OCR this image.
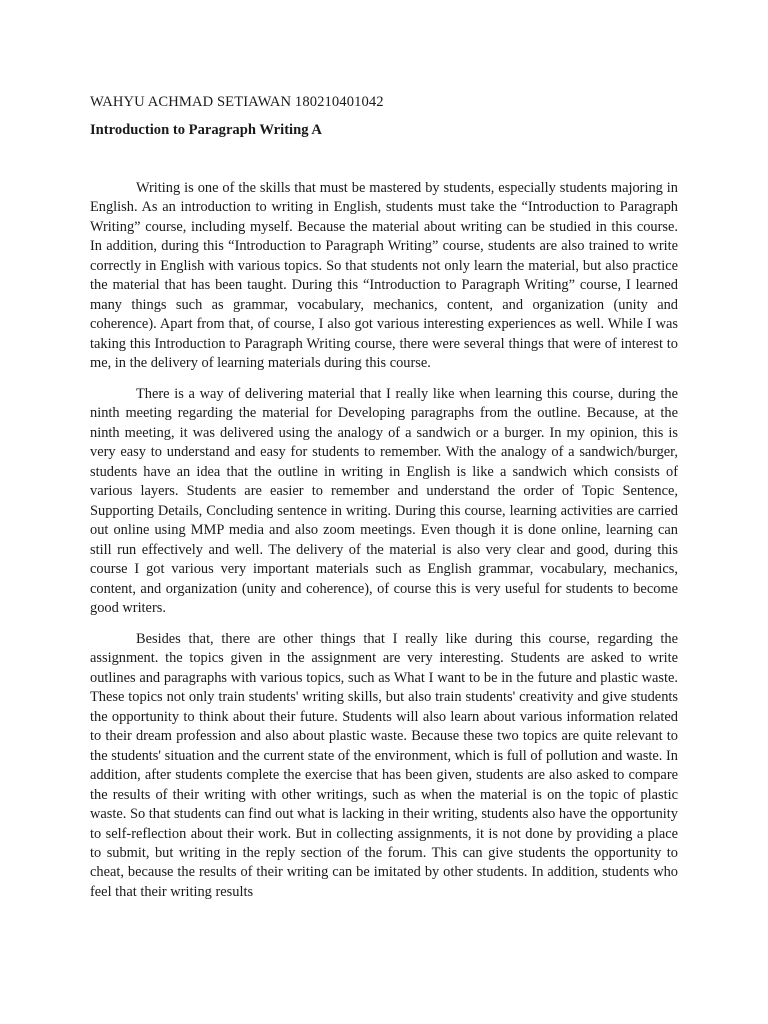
WAHYU ACHMAD SETIAWAN 180210401042
Introduction to Paragraph Writing A

Writing is one of the skills that must be mastered by students, especially students majoring in English. As an introduction to writing in English, students must take the “Introduction to Paragraph Writing” course, including myself. Because the material about writing can be studied in this course. In addition, during this “Introduction to Paragraph Writing” course, students are also trained to write correctly in English with various topics. So that students not only learn the material, but also practice the material that has been taught. During this “Introduction to Paragraph Writing” course, I learned many things such as grammar, vocabulary, mechanics, content, and organization (unity and coherence). Apart from that, of course, I also got various interesting experiences as well. While I was taking this Introduction to Paragraph Writing course, there were several things that were of interest to me, in the delivery of learning materials during this course.

There is a way of delivering material that I really like when learning this course, during the ninth meeting regarding the material for Developing paragraphs from the outline. Because, at the ninth meeting, it was delivered using the analogy of a sandwich or a burger. In my opinion, this is very easy to understand and easy for students to remember. With the analogy of a sandwich/burger, students have an idea that the outline in writing in English is like a sandwich which consists of various layers. Students are easier to remember and understand the order of Topic Sentence, Supporting Details, Concluding sentence in writing. During this course, learning activities are carried out online using MMP media and also zoom meetings. Even though it is done online, learning can still run effectively and well. The delivery of the material is also very clear and good, during this course I got various very important materials such as English grammar, vocabulary, mechanics, content, and organization (unity and coherence), of course this is very useful for students to become good writers.

Besides that, there are other things that I really like during this course, regarding the assignment. the topics given in the assignment are very interesting. Students are asked to write outlines and paragraphs with various topics, such as What I want to be in the future and plastic waste. These topics not only train students' writing skills, but also train students' creativity and give students the opportunity to think about their future. Students will also learn about various information related to their dream profession and also about plastic waste. Because these two topics are quite relevant to the students' situation and the current state of the environment, which is full of pollution and waste. In addition, after students complete the exercise that has been given, students are also asked to compare the results of their writing with other writings, such as when the material is on the topic of plastic waste. So that students can find out what is lacking in their writing, students also have the opportunity to self-reflection about their work. But in collecting assignments, it is not done by providing a place to submit, but writing in the reply section of the forum. This can give students the opportunity to cheat, because the results of their writing can be imitated by other students. In addition, students who feel that their writing results
